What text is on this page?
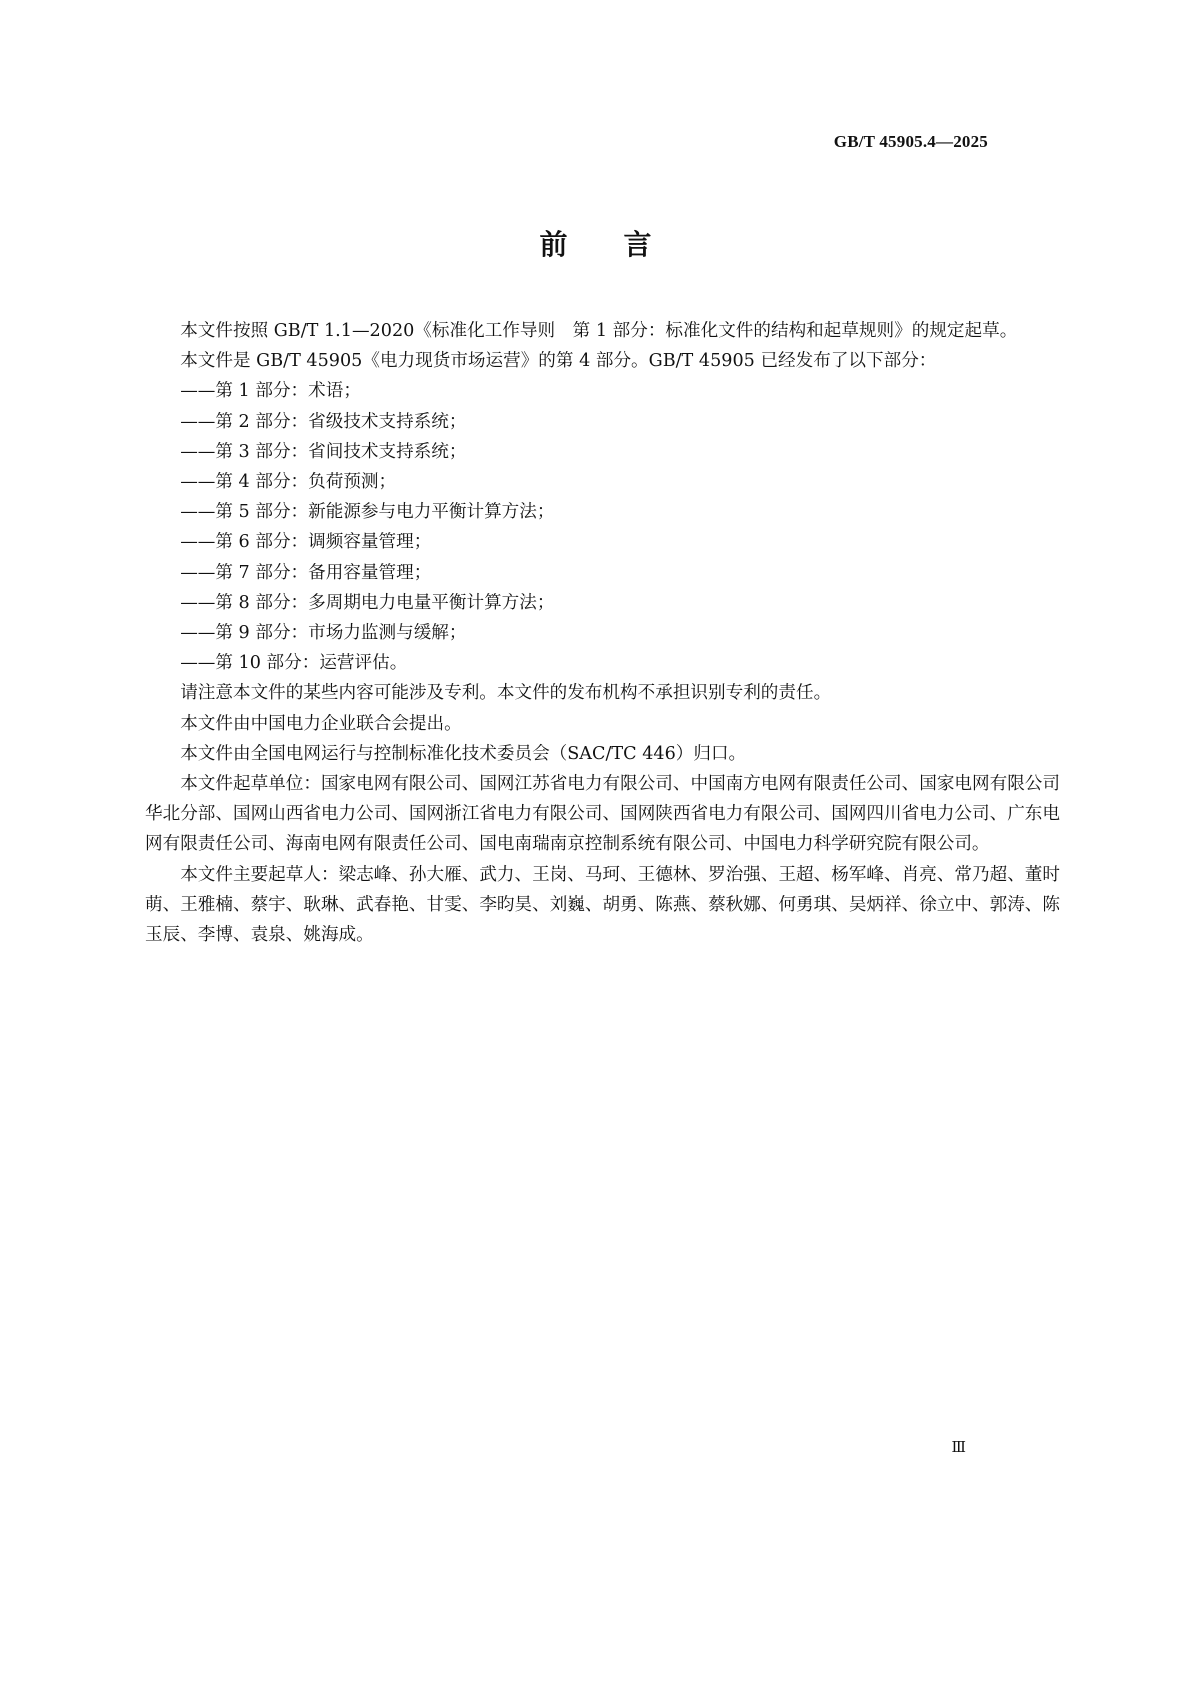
GB/T 45905.4—2025
前言

本文件按照 GB/T 1.1—2020《标准化工作导则　第 1 部分：标准化文件的结构和起草规则》的规定起草。

本文件是 GB/T 45905《电力现货市场运营》的第 4 部分。GB/T 45905 已经发布了以下部分：

——第 1 部分：术语；

——第 2 部分：省级技术支持系统；

——第 3 部分：省间技术支持系统；

——第 4 部分：负荷预测；

——第 5 部分：新能源参与电力平衡计算方法；

——第 6 部分：调频容量管理；

——第 7 部分：备用容量管理；

——第 8 部分：多周期电力电量平衡计算方法；

——第 9 部分：市场力监测与缓解；

——第 10 部分：运营评估。

请注意本文件的某些内容可能涉及专利。本文件的发布机构不承担识别专利的责任。

本文件由中国电力企业联合会提出。

本文件由全国电网运行与控制标准化技术委员会（SAC/TC 446）归口。

本文件起草单位：国家电网有限公司、国网江苏省电力有限公司、中国南方电网有限责任公司、国家电网有限公司华北分部、国网山西省电力公司、国网浙江省电力有限公司、国网陕西省电力有限公司、国网四川省电力公司、广东电网有限责任公司、海南电网有限责任公司、国电南瑞南京控制系统有限公司、中国电力科学研究院有限公司。

本文件主要起草人：梁志峰、孙大雁、武力、王岗、马珂、王德林、罗治强、王超、杨军峰、肖亮、常乃超、董时萌、王雅楠、蔡宇、耿琳、武春艳、甘雯、李昀昊、刘巍、胡勇、陈燕、蔡秋娜、何勇琪、吴炳祥、徐立中、郭涛、陈玉辰、李博、袁泉、姚海成。

Ⅲ
